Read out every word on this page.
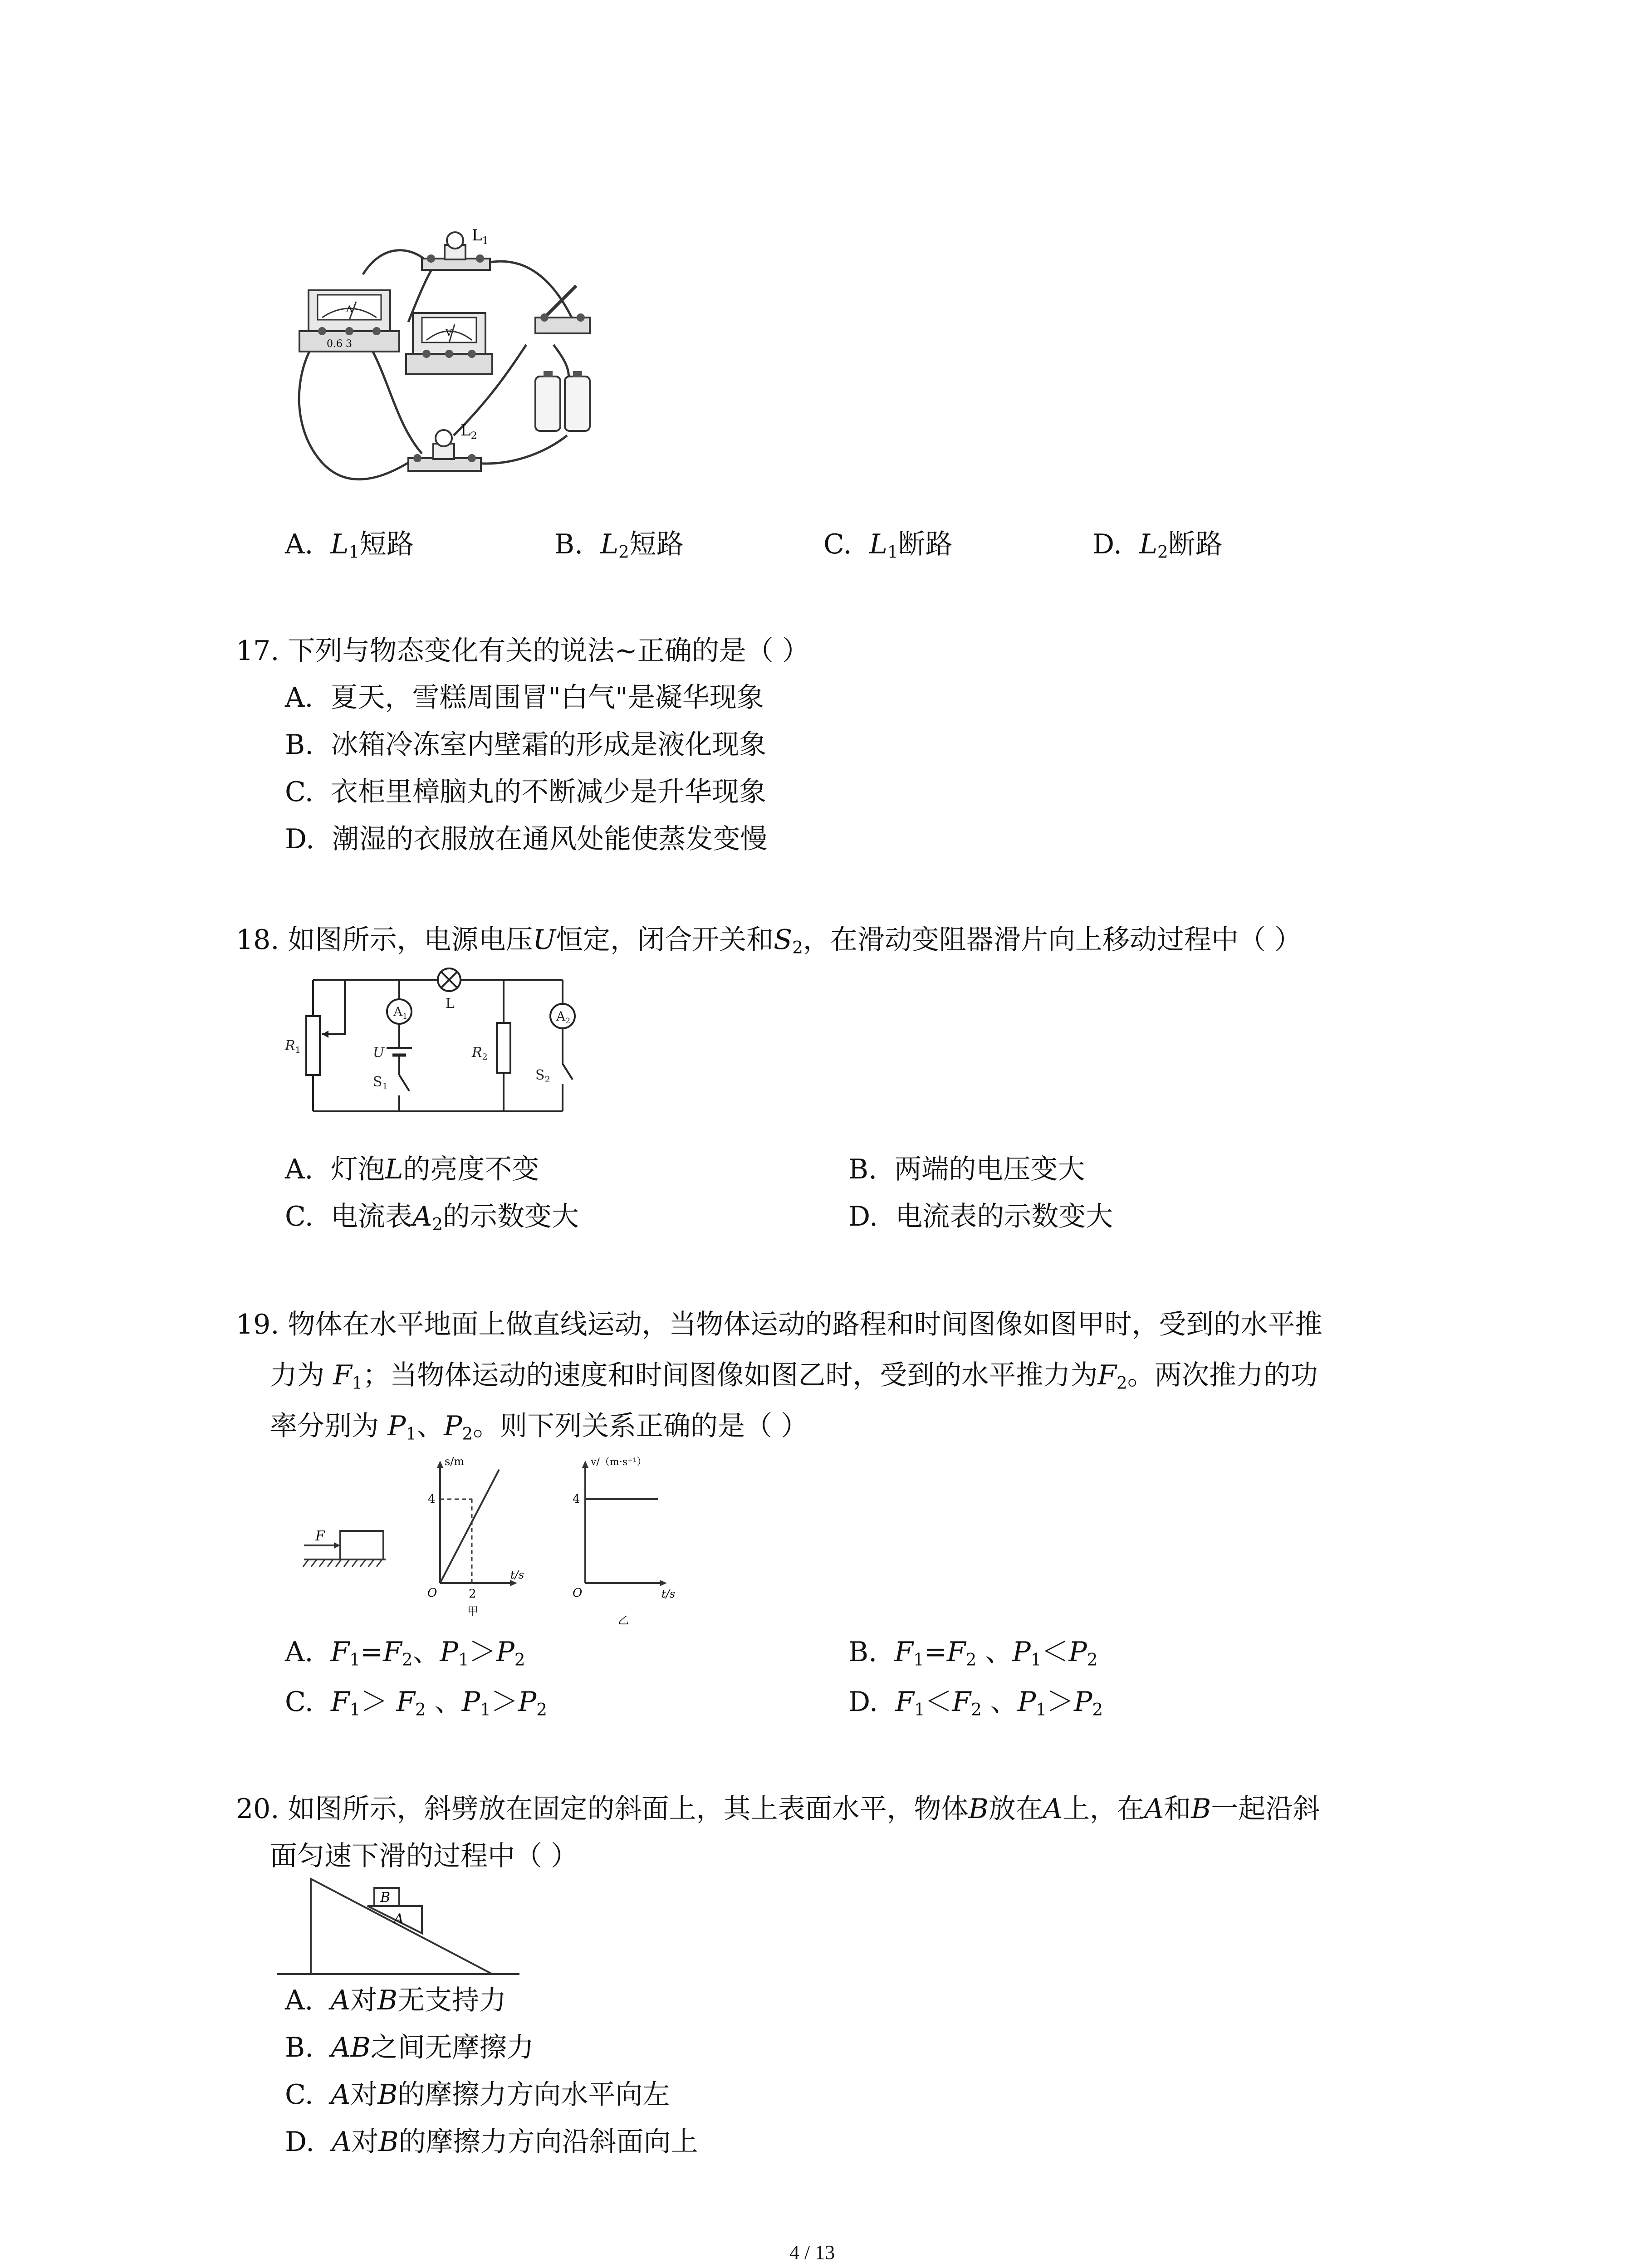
$L_1$
A
0.6 3
V
$L_2$
A. $L_1$短路	B. $L_2$短路	C. $L_1$断路	D. $L_2$断路
17. 下列与物态变化有关的说法~正确的是（ ）
A. 夏天，雪糕周围冒"白气"是凝华现象
B. 冰箱冷冻室内壁霜的形成是液化现象
C. 衣柜里樟脑丸的不断减少是升华现象
D. 潮湿的衣服放在通风处能使蒸发变慢
18. 如图所示，电源电压U恒定，闭合开关和$S_2$，在滑动变阻器滑片向上移动过程中（ ）
$R_1$
$A_1$
U
$S_1$
L
$R_2$
$A_2$
$S_2$
A. 灯泡L的亮度不变	B. 两端的电压变大
C. 电流表$A_2$的示数变大	D. 电流表的示数变大
19. 物体在水平地面上做直线运动，当物体运动的路程和时间图像如图甲时，受到的水平推
力为 $F_1$；当物体运动的速度和时间图像如图乙时，受到的水平推力为$F_2$。两次推力的功
率分别为 $P_1$、$P_2$。则下列关系正确的是（ ）
F
s/m
4
O	2
t/s
甲
v/（m·s⁻¹）
4
O	t/s
乙
A. $F_1=F_2$、$P_1>P_2$	B. $F_1=F_2$ 、$P_1<P_2$
C. $F_1> F_2$ 、$P_1>P_2$	D. $F_1<F_2$ 、$P_1>P_2$
20. 如图所示，斜劈放在固定的斜面上，其上表面水平，物体B放在A上，在A和B一起沿斜
面匀速下滑的过程中（ ）
B
A
A. A对B无支持力
B. AB之间无摩擦力
C. A对B的摩擦力方向水平向左
D. A对B的摩擦力方向沿斜面向上
4 / 13
